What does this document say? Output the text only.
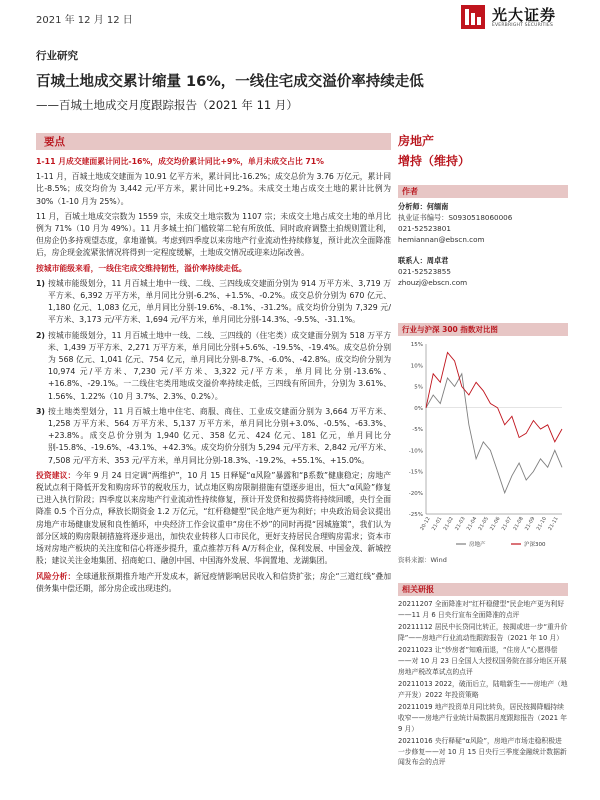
2021 年 12 月 12 日	光大证券
EVERBRIGHT SECURITIES
行业研究
百城土地成交累计缩量 16%，一线住宅成交溢价率持续走低
——百城土地成交月度跟踪报告（2021 年 11 月）
要点

1-11 月成交建面累计同比-16%，成交均价累计同比+9%，单月未成交占比 71%

1-11 月，百城土地成交建面为 10.91 亿平方米，累计同比-16.2%；成交总价为 3.76 万亿元，累计同比-8.5%；成交均价为 3,442 元/平方米，累计同比+9.2%。未成交土地占成交土地的累计比例为 30%（1-10 月为 25%）。

11 月，百城土地成交宗数为 1559 宗，未成交土地宗数为 1107 宗；未成交土地占成交土地的单月比例为 71%（10 月为 49%）。11 月多城土拍门槛较第二轮有所放低、同时政府调整土拍规则置让利，但房企仍多持观望态度，拿地谨慎。考虑到四季度以来房地产行业流动性持续修复，预计此次全面降准后，房企现金流紧张情况将得到一定程度缓解，土地成交情况或迎来边际改善。

按城市能级来看，一线住宅成交维持韧性，溢价率持续走低。

1) 按城市能级划分，11 月百城土地中一线、二线、三四线成交建面分别为 914 万平方米、3,719 万平方米、6,392 万平方米，单月同比分别-6.2%、+1.5%、-0.2%。成交总价分别为 670 亿元、1,180 亿元、1,083 亿元，单月同比分别-19.6%、-8.1%、-31.2%。成交均价分别为 7,329 元/平方米、3,173 元/平方米、1,694 元/平方米，单月同比分别-14.3%、-9.5%、-31.1%。
2) 按城市能级划分，11 月百城土地中一线、二线、三四线的（住宅类）成交建面分别为 518 万平方米、1,439 万平方米、2,271 万平方米，单月同比分别+5.6%、-19.5%、-19.4%。成交总价分别为 568 亿元、1,041 亿元、754 亿元，单月同比分别-8.7%、-6.0%、-42.8%。成交均价分别为 10,974 元/平方米、7,230 元/平方米、3,322 元/平方米，单月同比分别-13.6%、+16.8%、-29.1%。一二线住宅类用地成交溢价率持续走低，三四线有所回升，分别为 3.61%、1.56%、1.22%（10 月 3.7%、2.3%、0.2%）。
3) 按土地类型划分，11 月百城土地中住宅、商服、商住、工业成交建面分别为 3,664 万平方米、1,258 万平方米、564 万平方米、5,137 万平方米，单月同比分别+3.0%、-0.5%、-63.3%、+23.8%。成交总价分别为 1,940 亿元、358 亿元、424 亿元、181 亿元，单月同比分别-15.8%、-19.6%、-43.1%、+42.3%。成交均价分别为 5,294 元/平方米、2,842 元/平方米、7,508 元/平方米、353 元/平方米，单月同比分别-18.3%、-19.2%、+55.1%、+15.0%。

投资建议：今年 9 月 24 日定调“两维护”，10 月 15 日释疑“α风险”暴露和“β系数”健康稳定；房地产税试点利于降低开发和购房环节的税收压力，试点地区购房限制措施有望逐步退出，恒大“α风险”修复已进入执行阶段；四季度以来房地产行业流动性持续修复，预计开发贷和按揭贷将持续回暖，央行全面降准 0.5 个百分点，释放长期资金 1.2 万亿元，“红杆稳健型”民企地产更为利好；中央政治局会议提出房地产市场健康发展和良性循环，中央经济工作会议重申“房住不炒”的同时再提“因城施策”，我们认为部分区域的购房限制措施将逐步退出，加快农业转移人口市民化，更好支持居民合理购房需求；资本市场对房地产板块的关注度和信心将逐步提升，重点推荐万科 A/万科企业，保利发展、中国金茂、新城控股；建议关注金地集团、招商蛇口、融创中国、中国海外发展、华润置地、龙湖集团。

风险分析：全球通胀预期推升地产开发成本，新冠疫情影响居民收入和信贷扩张；房企“三道红线”叠加债务集中偿还期，部分房企或出现违约。

房地产
增持（维持）
作者
分析师：何缅南
执业证书编号：S0930518060006
021-52523801
hemiannan@ebscn.com
联系人：周卓君
021-52523855
zhouzj@ebscn.com
行业与沪深 300 指数对比图
15%
10%
5%
0%
-5%
-10%
-15%
-20%
-25%
20-12 21-01 21-02 21-03 21-04 21-05 21-06 21-07 21-08 21-09 21-10 21-11
房地产	沪深300
资料来源：Wind
相关研报
20211207 全面降准对“红杆稳健型”民企地产更为利好——11 月 6 日央行宣布全面降准的点评
20211112 居民中长贷同比转正，按揭或进一步“重升价降”——房地产行业流动性跟踪报告（2021 年 10 月）
20211023 让“炒房者”知难而退，“住房人”心愿得偿——对 10 月 23 日全国人大授权国务院在部分地区开展房地产税改革试点的点评
20211013 2022，破而后立，陆啮新生——房地产（地产开发）2022 年投资策略
20211019 地产投资单月同比转负，居民按揭降幅持续收窄——房地产行业统计局数据月度跟踪报告（2021 年 9 月）
20211016 央行释疑“α风险”，房地产市场走稳积极进一步修复——对 10 月 15 日央行三季度金融统计数据新闻发布会的点评
